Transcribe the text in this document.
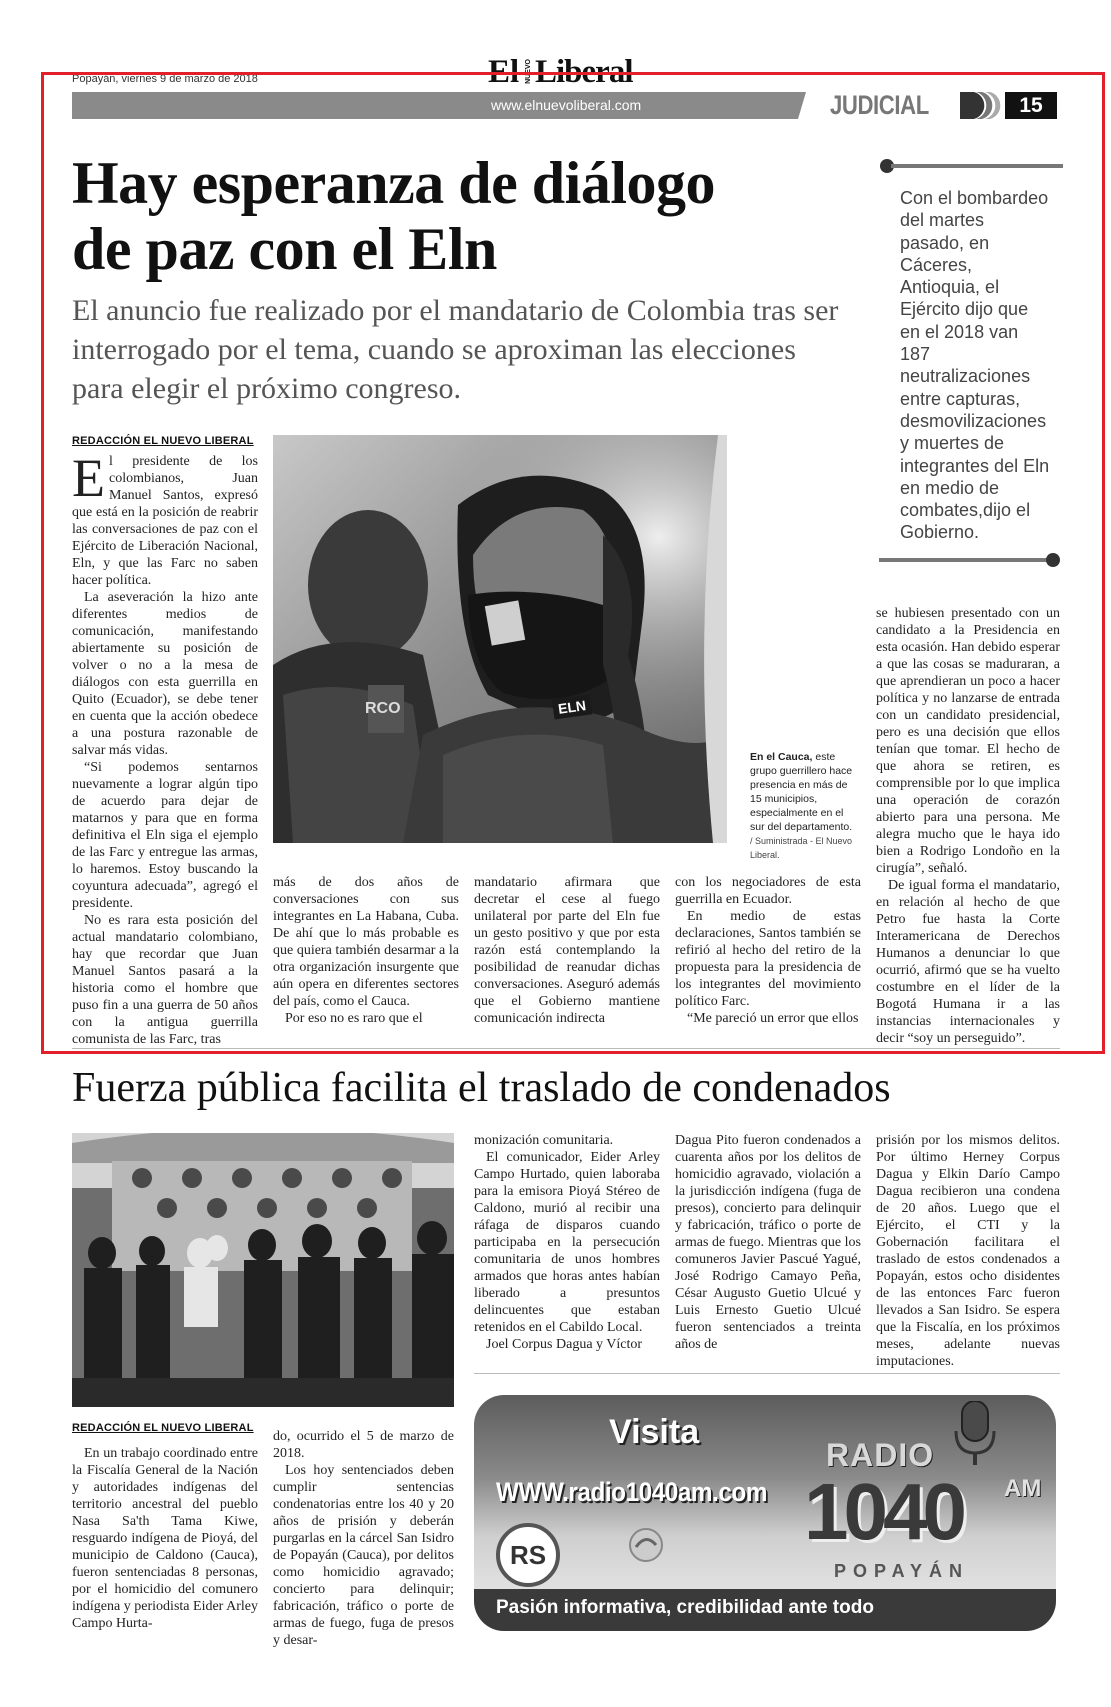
Popayán, viernes 9 de marzo de 2018	El NUEVO Liberal
www.elnuevoliberal.com	JUDICIAL	15
Hay esperanza de diálogo
de paz con el Eln
El anuncio fue realizado por el mandatario de Colombia tras ser interrogado por el tema, cuando se aproximan las elecciones para elegir el próximo congreso.
Con el bombardeo del martes pasado, en Cáceres, Antioquia, el Ejército dijo que en el 2018 van 187 neutralizaciones entre capturas, desmovilizaciones y muertes de integrantes del Eln en medio de combates,dijo el Gobierno.
REDACCIÓN EL NUEVO LIBERAL

El presidente de los colombianos, Juan Manuel Santos, expresó que está en la posición de reabrir las conversaciones de paz con el Ejército de Liberación Nacional, Eln, y que las Farc no saben hacer política.

La aseveración la hizo ante diferentes medios de comunicación, manifestando abiertamente su posición de volver o no a la mesa de diálogos con esta guerrilla en Quito (Ecuador), se debe tener en cuenta que la acción obedece a una postura razonable de salvar más vidas.

“Si podemos sentarnos nuevamente a lograr algún tipo de acuerdo para dejar de matarnos y para que en forma definitiva el Eln siga el ejemplo de las Farc y entregue las armas, lo haremos. Estoy buscando la coyuntura adecuada”, agregó el presidente.

No es rara esta posición del actual mandatario colombiano, hay que recordar que Juan Manuel Santos pasará a la historia como el hombre que puso fin a una guerra de 50 años con la antigua guerrilla comunista de las Farc, tras

ELN
RCO
En el Cauca, este grupo guerrillero hace presencia en más de 15 municipios, especialmente en el sur del departamento.
/ Suministrada - El Nuevo Liberal.

más de dos años de conversaciones con sus integrantes en La Habana, Cuba. De ahí que lo más probable es que quiera también desarmar a la otra organización insurgente que aún opera en diferentes sectores del país, como el Cauca.

Por eso no es raro que el

mandatario afirmara que decretar el cese al fuego unilateral por parte del Eln fue un gesto positivo y que por esta razón está contemplando la posibilidad de reanudar dichas conversaciones. Aseguró además que el Gobierno mantiene comunicación indirecta

con los negociadores de esta guerrilla en Ecuador.

En medio de estas declaraciones, Santos también se refirió al hecho del retiro de la propuesta para la presidencia de los integrantes del movimiento político Farc.

“Me pareció un error que ellos

se hubiesen presentado con un candidato a la Presidencia en esta ocasión. Han debido esperar a que las cosas se maduraran, a que aprendieran un poco a hacer política y no lanzarse de entrada con un candidato presidencial, pero es una decisión que ellos tenían que tomar. El hecho de que ahora se retiren, es comprensible por lo que implica una operación de corazón abierto para una persona. Me alegra mucho que le haya ido bien a Rodrigo Londoño en la cirugía”, señaló.

De igual forma el mandatario, en relación al hecho de que Petro fue hasta la Corte Interamericana de Derechos Humanos a denunciar lo que ocurrió, afirmó que se ha vuelto costumbre en el líder de la Bogotá Humana ir a las instancias internacionales y decir “soy un perseguido”.

Fuerza pública facilita el traslado de condenados
REDACCIÓN EL NUEVO LIBERAL

En un trabajo coordinado entre la Fiscalía General de la Nación y autoridades indígenas del territorio ancestral del pueblo Nasa Sa'th Tama Kiwe, resguardo indígena de Pioyá, del municipio de Caldono (Cauca), fueron sentenciadas 8 personas, por el homicidio del comunero indígena y periodista Eider Arley Campo Hurta-

do, ocurrido el 5 de marzo de 2018.

Los hoy sentenciados deben cumplir sentencias condenatorias entre los 40 y 20 años de prisión y deberán purgarlas en la cárcel San Isidro de Popayán (Cauca), por delitos como homicidio agravado; concierto para delinquir; fabricación, tráfico o porte de armas de fuego, fuga de presos y desar-

monización comunitaria.

El comunicador, Eider Arley Campo Hurtado, quien laboraba para la emisora Pioyá Stéreo de Caldono, murió al recibir una ráfaga de disparos cuando participaba en la persecución comunitaria de unos hombres armados que horas antes habían liberado a presuntos delincuentes que estaban retenidos en el Cabildo Local.

Joel Corpus Dagua y Víctor

Dagua Pito fueron condenados a cuarenta años por los delitos de homicidio agravado, violación a la jurisdicción indígena (fuga de presos), concierto para delinquir y fabricación, tráfico o porte de armas de fuego. Mientras que los comuneros Javier Pascué Yagué, José Rodrigo Camayo Peña, César Augusto Guetio Ulcué y Luis Ernesto Guetio Ulcué fueron sentenciados a treinta años de

prisión por los mismos delitos. Por último Herney Corpus Dagua y Elkin Darío Campo Dagua recibieron una condena de 20 años. Luego que el Ejército, el CTI y la Gobernación facilitara el traslado de estos condenados a Popayán, estos ocho disidentes de las entonces Farc fueron llevados a San Isidro. Se espera que la Fiscalía, en los próximos meses, adelante nuevas imputaciones.

Visita
WWW.radio1040am.com
Pasión informativa, credibilidad ante todo
RADIO
1040 AM
POPAYÁN
RS
